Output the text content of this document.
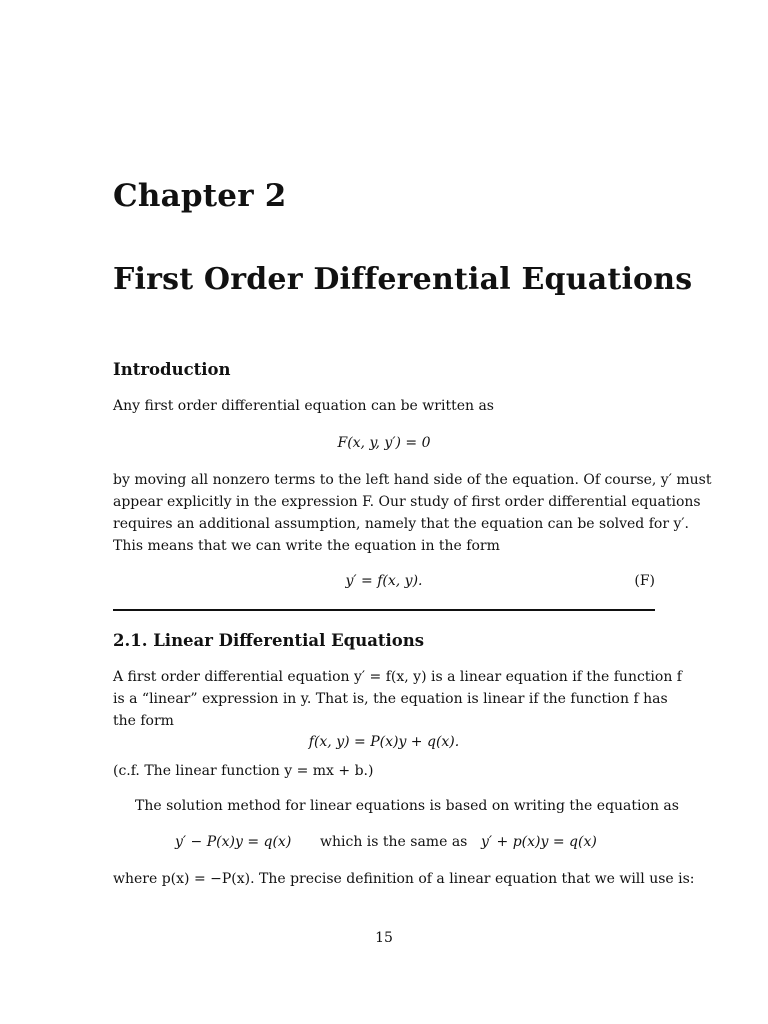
Chapter 2
First Order Differential Equations
Introduction
Any first order differential equation can be written as
F(x, y, y′) = 0
by moving all nonzero terms to the left hand side of the equation. Of course, y′ must
appear explicitly in the expression F. Our study of first order differential equations
requires an additional assumption, namely that the equation can be solved for y′.
This means that we can write the equation in the form
y′ = f(x, y).	(F)
2.1. Linear Differential Equations
A first order differential equation y′ = f(x, y) is a linear equation if the function f
is a “linear” expression in y. That is, the equation is linear if the function f has
the form
f(x, y) = P(x)y + q(x).
(c.f. The linear function y = mx + b.)
The solution method for linear equations is based on writing the equation as
y′ − P(x)y = q(x) which is the same as y′ + p(x)y = q(x)
where p(x) = −P(x). The precise definition of a linear equation that we will use is:
15
